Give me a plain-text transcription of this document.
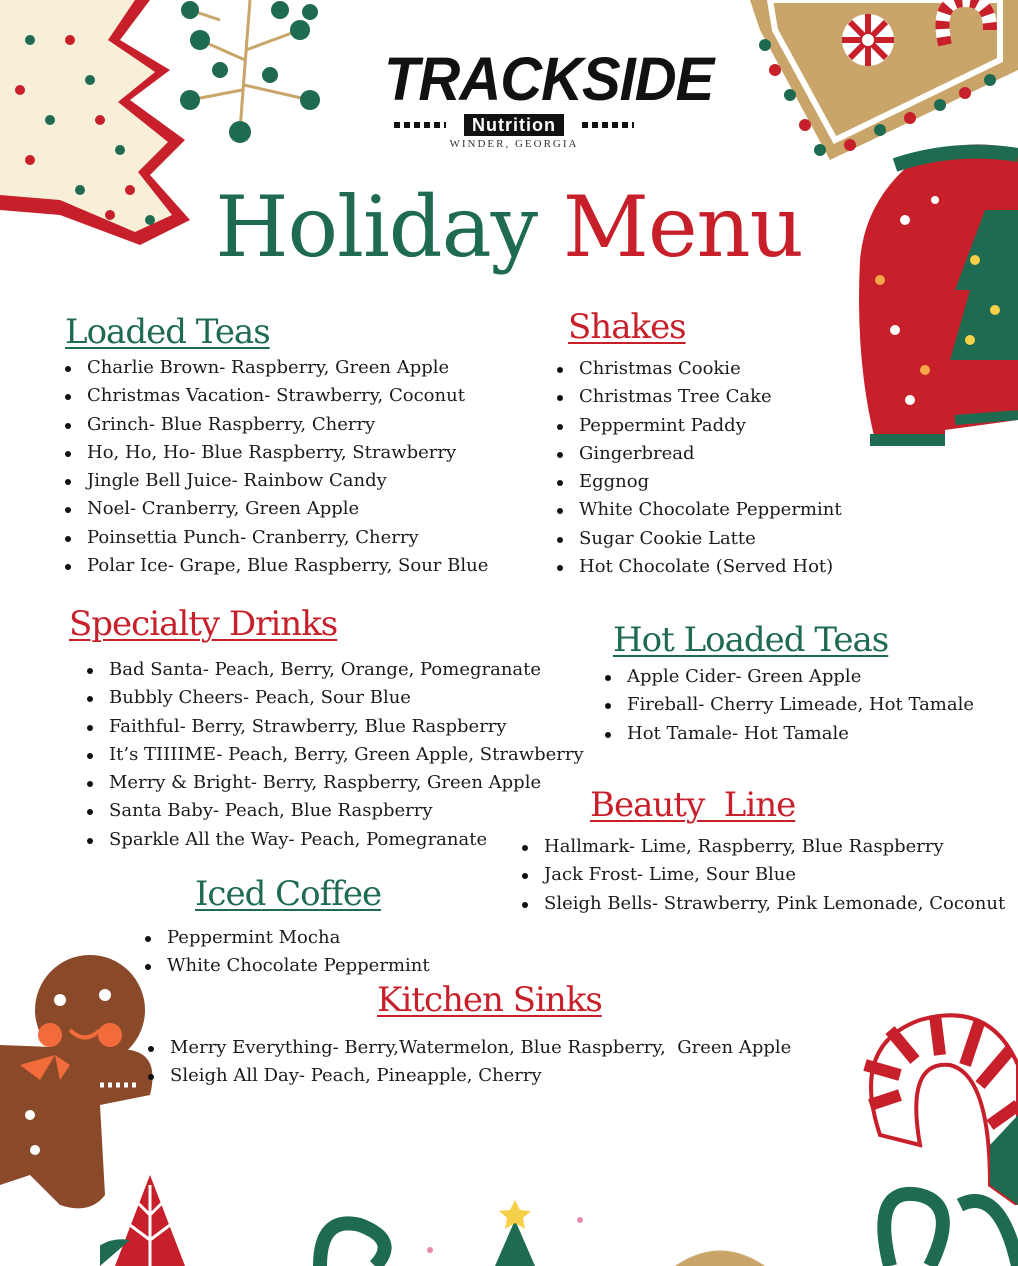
TRACKSIDE
Nutrition
WINDER, GEORGIA
Holiday Menu
Loaded Teas
Charlie Brown- Raspberry, Green Apple
Christmas Vacation- Strawberry, Coconut
Grinch- Blue Raspberry, Cherry
Ho, Ho, Ho- Blue Raspberry, Strawberry
Jingle Bell Juice- Rainbow Candy
Noel- Cranberry, Green Apple
Poinsettia Punch- Cranberry, Cherry
Polar Ice- Grape, Blue Raspberry, Sour Blue
Shakes
Christmas Cookie
Christmas Tree Cake
Peppermint Paddy
Gingerbread
Eggnog
White Chocolate Peppermint
Sugar Cookie Latte
Hot Chocolate (Served Hot)
Specialty Drinks
Bad Santa- Peach, Berry, Orange, Pomegranate
Bubbly Cheers- Peach, Sour Blue
Faithful- Berry, Strawberry, Blue Raspberry
It’s TIIIIME- Peach, Berry, Green Apple, Strawberry
Merry & Bright- Berry, Raspberry, Green Apple
Santa Baby- Peach, Blue Raspberry
Sparkle All the Way- Peach, Pomegranate
Hot Loaded Teas
Apple Cider- Green Apple
Fireball- Cherry Limeade, Hot Tamale
Hot Tamale- Hot Tamale
Beauty  Line
Hallmark- Lime, Raspberry, Blue Raspberry
Jack Frost- Lime, Sour Blue
Sleigh Bells- Strawberry, Pink Lemonade, Coconut
Iced Coffee
Peppermint Mocha
White Chocolate Peppermint
Kitchen Sinks
Merry Everything- Berry,Watermelon, Blue Raspberry,  Green Apple
Sleigh All Day- Peach, Pineapple, Cherry
